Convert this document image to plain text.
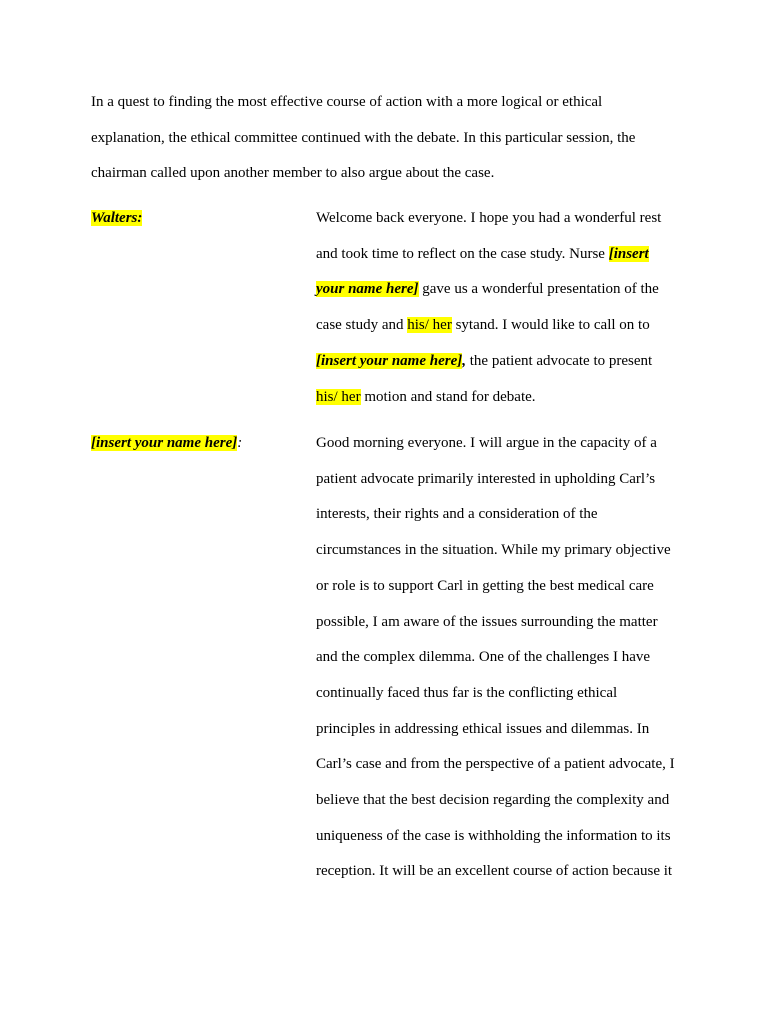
In a quest to finding the most effective course of action with a more logical or ethical
explanation, the ethical committee continued with the debate. In this particular session, the
chairman called upon another member to also argue about the case.

Walters:	Welcome back everyone. I hope you had a wonderful rest
and took time to reflect on the case study. Nurse [insert
your name here] gave us a wonderful presentation of the
case study and his/ her sytand. I would like to call on to
[insert your name here], the patient advocate to present
his/ her motion and stand for debate.

[insert your name here]:	Good morning everyone. I will argue in the capacity of a
patient advocate primarily interested in upholding Carl’s
interests, their rights and a consideration of the
circumstances in the situation. While my primary objective
or role is to support Carl in getting the best medical care
possible, I am aware of the issues surrounding the matter
and the complex dilemma. One of the challenges I have
continually faced thus far is the conflicting ethical
principles in addressing ethical issues and dilemmas. In
Carl’s case and from the perspective of a patient advocate, I
believe that the best decision regarding the complexity and
uniqueness of the case is withholding the information to its
reception. It will be an excellent course of action because it
